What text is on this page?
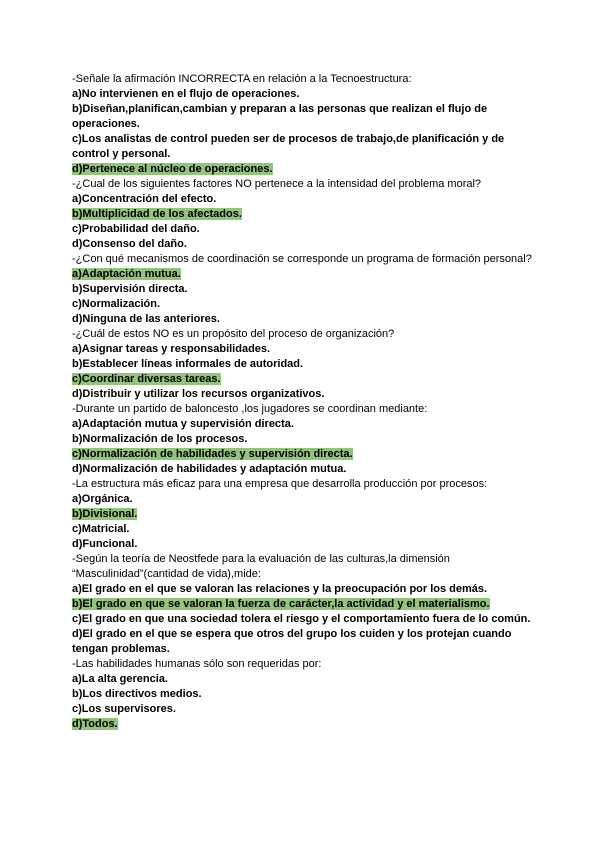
-Señale la afirmación INCORRECTA en relación a la Tecnoestructura:

a)No intervienen en el flujo de operaciones.

b)Diseñan,planifican,cambian y preparan a las personas que realizan el flujo de operaciones.

c)Los analistas de control pueden ser de procesos de trabajo,de planificación y de control y personal.

d)Pertenece al núcleo de operaciones.

-¿Cual de los siguientes factores NO pertenece a la intensidad del problema moral?

a)Concentración del efecto.

b)Multiplicidad de los afectados.

c)Probabilidad del daño.

d)Consenso del daño.

-¿Con qué mecanismos de coordinación se corresponde un programa de formación personal?

a)Adaptación mutua.

b)Supervisión directa.

c)Normalización.

d)Ninguna de las anteriores.

-¿Cuál de estos NO es un propósito del proceso de organización?

a)Asignar tareas y responsabilidades.

b)Establecer líneas informales de autoridad.

c)Coordinar diversas tareas.

d)Distribuir y utilizar los recursos organizativos.

-Durante un partido de baloncesto ,los jugadores se coordinan mediante:

a)Adaptación mutua y supervisión directa.

b)Normalización de los procesos.

c)Normalización de habilidades y supervisión directa.

d)Normalización de habilidades y adaptación mutua.

-La estructura más eficaz para una empresa que desarrolla producción por procesos:

a)Orgánica.

b)Divisional.

c)Matricial.

d)Funcional.

-Según la teoría de Neostfede para la evaluación de las culturas,la dimensión “Masculinidad”(cantidad de vida),mide:

a)El grado en el que se valoran las relaciones y la preocupación por los demás.

b)El grado en que se valoran la fuerza de carácter,la actividad y el materialismo.

c)El grado en que una sociedad tolera el riesgo y el comportamiento fuera de lo común.

d)El grado en el que se espera que otros del grupo los cuiden y los protejan cuando tengan problemas.

-Las habilidades humanas sólo son requeridas por:

a)La alta gerencia.

b)Los directivos medios.

c)Los supervisores.

d)Todos.
